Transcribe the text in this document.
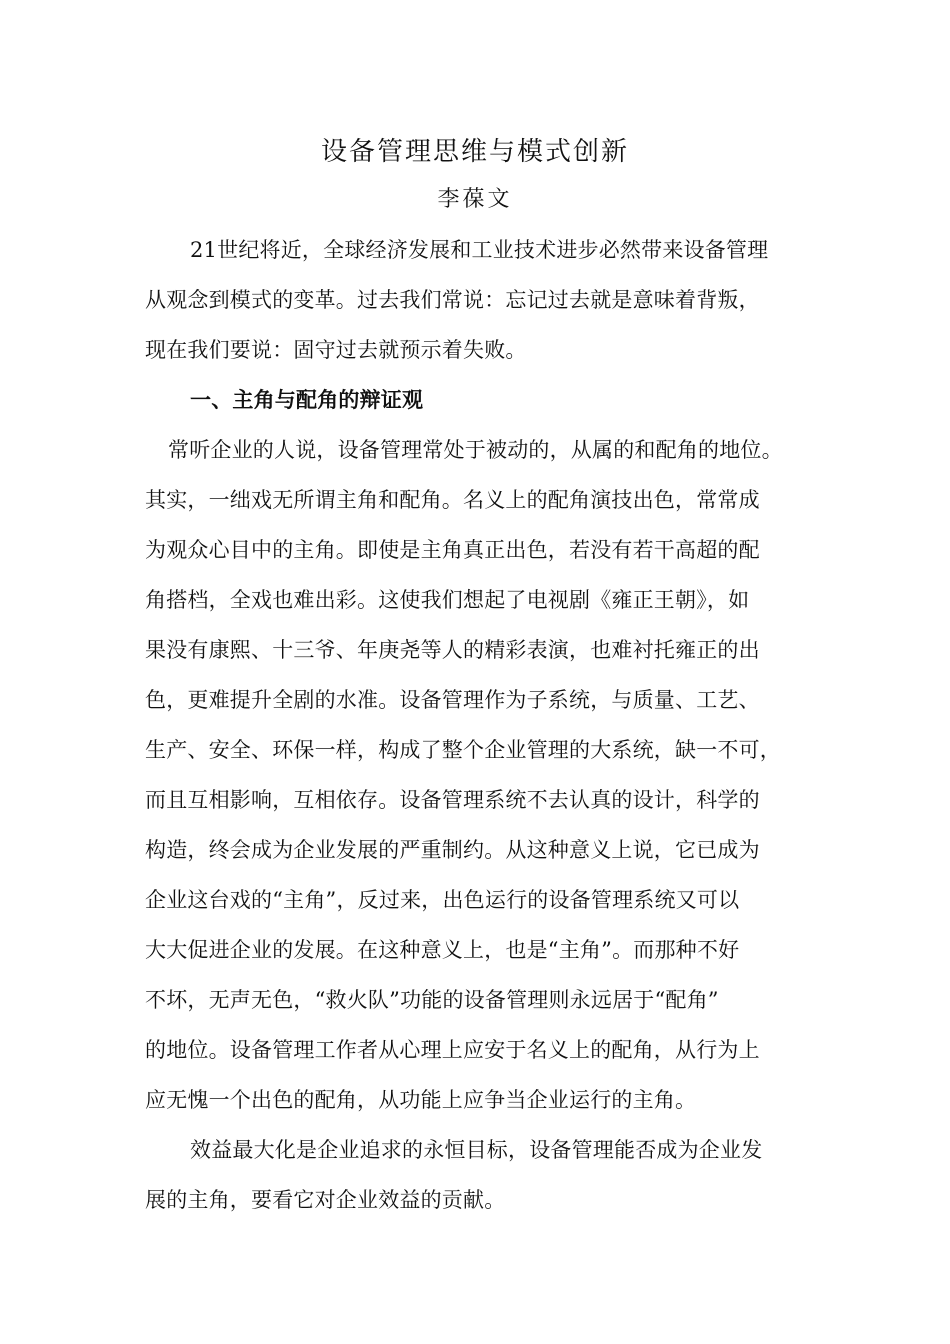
设备管理思维与模式创新
李葆文
21世纪将近，全球经济发展和工业技术进步必然带来设备管理
从观念到模式的变革。过去我们常说：忘记过去就是意味着背叛，
现在我们要说：固守过去就预示着失败。
一、主角与配角的辩证观
常听企业的人说，设备管理常处于被动的，从属的和配角的地位。
其实，一绌戏无所谓主角和配角。名义上的配角演技出色，常常成
为观众心目中的主角。即使是主角真正出色，若没有若干高超的配
角搭档，全戏也难出彩。这使我们想起了电视剧《雍正王朝》，如
果没有康熙、十三爷、年庚尧等人的精彩表演，也难衬托雍正的出
色，更难提升全剧的水准。设备管理作为子系统，与质量、工艺、
生产、安全、环保一样，构成了整个企业管理的大系统，缺一不可，
而且互相影响，互相依存。设备管理系统不去认真的设计，科学的
构造，终会成为企业发展的严重制约。从这种意义上说，它已成为
企业这台戏的“主角”，反过来，出色运行的设备管理系统又可以
大大促进企业的发展。在这种意义上，也是“主角”。而那种不好
不坏，无声无色，“救火队”功能的设备管理则永远居于“配角”
的地位。设备管理工作者从心理上应安于名义上的配角，从行为上
应无愧一个出色的配角，从功能上应争当企业运行的主角。
效益最大化是企业追求的永恒目标，设备管理能否成为企业发
展的主角，要看它对企业效益的贡献。
